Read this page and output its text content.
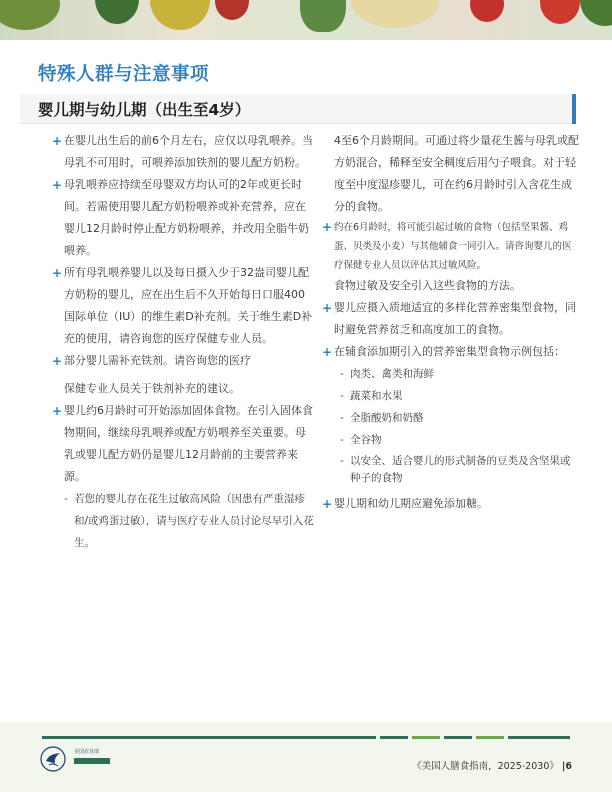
特殊人群与注意事项
婴儿期与幼儿期（出生至4岁）
+ 在婴儿出生后的前6个月左右，应仅以母乳喂养。当母乳不可用时，可喂养添加铁剂的婴儿配方奶粉。
+ 母乳喂养应持续至母婴双方均认可的2年或更长时间。若需使用婴儿配方奶粉喂养或补充营养，应在婴儿12月龄时停止配方奶粉喂养，并改用全脂牛奶喂养。
+ 所有母乳喂养婴儿以及每日摄入少于32盎司婴儿配方奶粉的婴儿，应在出生后不久开始每日口服400国际单位（IU）的维生素D补充剂。关于维生素D补充的使用，请咨询您的医疗保健专业人员。
+ 部分婴儿需补充铁剂。请咨询您的医疗
保健专业人员关于铁剂补充的建议。
+ 婴儿约6月龄时可开始添加固体食物。在引入固体食物期间，继续母乳喂养或配方奶喂养至关重要。母乳或婴儿配方奶仍是婴儿12月龄前的主要营养来源。
- 若您的婴儿存在花生过敏高风险（因患有严重湿疹和/或鸡蛋过敏），请与医疗专业人员讨论尽早引入花生。
4至6个月龄期间。可通过将少量花生酱与母乳或配方奶混合，稀释至安全稠度后用勺子喂食。对于轻度至中度湿疹婴儿，可在约6月龄时引入含花生成分的食物。
+ 约在6月龄时，将可能引起过敏的食物（包括坚果酱、鸡蛋、贝类及小麦）与其他辅食一同引入。请咨询婴儿的医疗保健专业人员以评估其过敏风险。
食物过敏及安全引入这些食物的方法。
+ 婴儿应摄入质地适宜的多样化营养密集型食物，同时避免营养贫乏和高度加工的食物。
+ 在辅食添加期引入的营养密集型食物示例包括：
- 肉类、禽类和海鲜
- 蔬菜和水果
- 全脂酸奶和奶酪
- 全谷物
- 以安全、适合婴儿的形式制备的豆类及含坚果或种子的食物
+ 婴儿期和幼儿期应避免添加糖。
美国农业部
《美国人膳食指南，2025-2030》 |6
